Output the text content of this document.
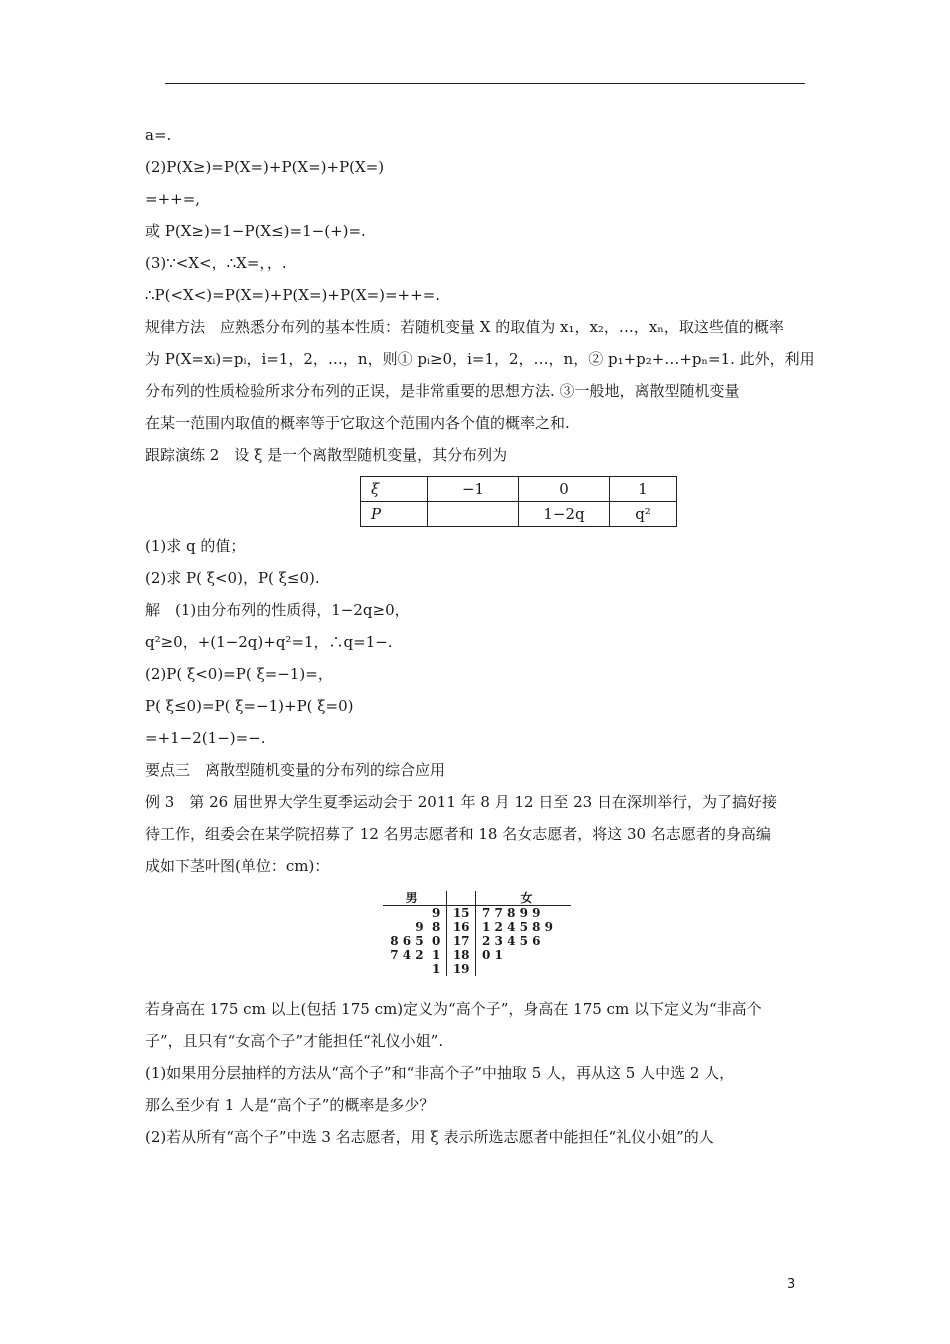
a=.
(2)P(X≥)=P(X=)+P(X=)+P(X=)
=++=,
或 P(X≥)=1−P(X≤)=1−(+)=.
(3)∵<X<，∴X=，，.
∴P(<X<)=P(X=)+P(X=)+P(X=)=++=.
规律方法　应熟悉分布列的基本性质：若随机变量 X 的取值为 x₁，x₂，…，xₙ，取这些值的概率
为 P(X=xᵢ)=pᵢ，i=1，2，…，n，则① pᵢ≥0，i=1，2，…，n，② p₁+p₂+…+pₙ=1. 此外，利用
分布列的性质检验所求分布列的正误，是非常重要的思想方法. ③一般地，离散型随机变量
在某一范围内取值的概率等于它取这个范围内各个值的概率之和.
跟踪演练 2　设 ξ 是一个离散型随机变量，其分布列为
ξ	−1	0	1
P		1−2q	q²
(1)求 q 的值；
(2)求 P( ξ<0)，P( ξ≤0).
解　(1)由分布列的性质得，1−2q≥0，
q²≥0，+(1−2q)+q²=1，∴q=1−.
(2)P( ξ<0)=P( ξ=−1)=，
P( ξ≤0)=P( ξ=−1)+P( ξ=0)
=+1−2(1−)=−.
要点三　离散型随机变量的分布列的综合应用
例 3　第 26 届世界大学生夏季运动会于 2011 年 8 月 12 日至 23 日在深圳举行，为了搞好接
待工作，组委会在某学院招募了 12 名男志愿者和 18 名女志愿者，将这 30 名志愿者的身高编
成如下茎叶图(单位：cm)：
男	女
9	15	7 7 8 9 9
9  8	16	1 2 4 5 8 9
8 6 5  0	17	2 3 4 5 6
7 4 2  1	18	0 1
1	19
若身高在 175 cm 以上(包括 175 cm)定义为“高个子”，身高在 175 cm 以下定义为“非高个
子”，且只有“女高个子”才能担任“礼仪小姐”.
(1)如果用分层抽样的方法从“高个子”和“非高个子”中抽取 5 人，再从这 5 人中选 2 人，
那么至少有 1 人是“高个子”的概率是多少？
(2)若从所有“高个子”中选 3 名志愿者，用 ξ 表示所选志愿者中能担任“礼仪小姐”的人
3
